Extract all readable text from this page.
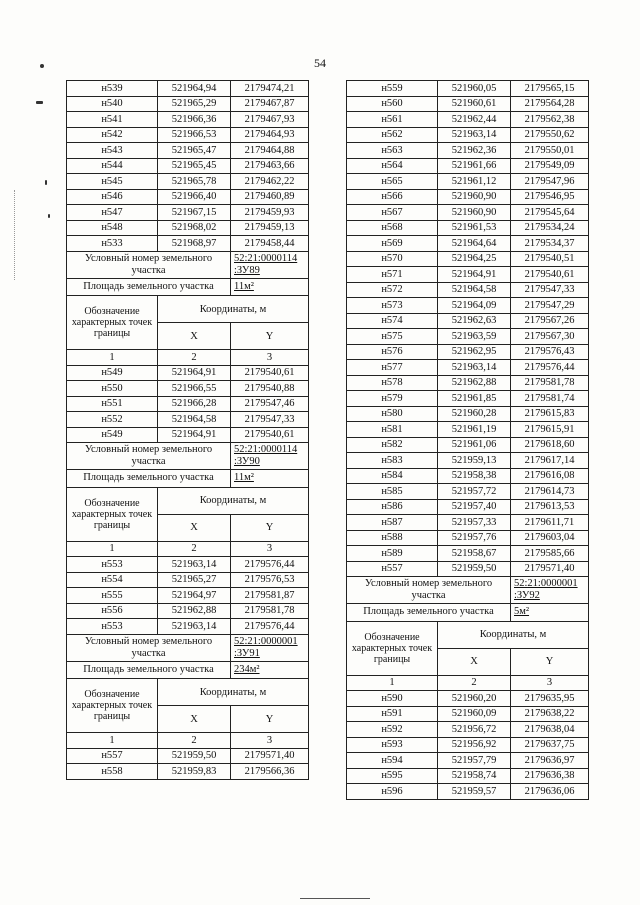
54
н539	521964,94	2179474,21
н540	521965,29	2179467,87
н541	521966,36	2179467,93
н542	521966,53	2179464,93
н543	521965,47	2179464,88
н544	521965,45	2179463,66
н545	521965,78	2179462,22
н546	521966,40	2179460,89
н547	521967,15	2179459,93
н548	521968,02	2179459,13
н533	521968,97	2179458,44
Условный номер земельного участка		52:21:0000114 :ЗУ89
Площадь земельного участка		11м²
Обозначение характерных точек границы	Координаты, м	
	X	Y
1	2	3
н549	521964,91	2179540,61
н550	521966,55	2179540,88
н551	521966,28	2179547,46
н552	521964,58	2179547,33
н549	521964,91	2179540,61
Условный номер земельного участка		52:21:0000114 :ЗУ90
Площадь земельного участка		11м²
Обозначение характерных точек границы	Координаты, м	
	X	Y
1	2	3
н553	521963,14	2179576,44
н554	521965,27	2179576,53
н555	521964,97	2179581,87
н556	521962,88	2179581,78
н553	521963,14	2179576,44
Условный номер земельного участка		52:21:0000001 :ЗУ91
Площадь земельного участка		234м²
Обозначение характерных точек границы	Координаты, м	
	X	Y
1	2	3
н557	521959,50	2179571,40
н558	521959,83	2179566,36
н559	521960,05	2179565,15
н560	521960,61	2179564,28
н561	521962,44	2179562,38
н562	521963,14	2179550,62
н563	521962,36	2179550,01
н564	521961,66	2179549,09
н565	521961,12	2179547,96
н566	521960,90	2179546,95
н567	521960,90	2179545,64
н568	521961,53	2179534,24
н569	521964,64	2179534,37
н570	521964,25	2179540,51
н571	521964,91	2179540,61
н572	521964,58	2179547,33
н573	521964,09	2179547,29
н574	521962,63	2179567,26
н575	521963,59	2179567,30
н576	521962,95	2179576,43
н577	521963,14	2179576,44
н578	521962,88	2179581,78
н579	521961,85	2179581,74
н580	521960,28	2179615,83
н581	521961,19	2179615,91
н582	521961,06	2179618,60
н583	521959,13	2179617,14
н584	521958,38	2179616,08
н585	521957,72	2179614,73
н586	521957,40	2179613,53
н587	521957,33	2179611,71
н588	521957,76	2179603,04
н589	521958,67	2179585,66
н557	521959,50	2179571,40
Условный номер земельного участка		52:21:0000001 :ЗУ92
Площадь земельного участка		5м²
Обозначение характерных точек границы	Координаты, м	
	X	Y
1	2	3
н590	521960,20	2179635,95
н591	521960,09	2179638,22
н592	521956,72	2179638,04
н593	521956,92	2179637,75
н594	521957,79	2179636,97
н595	521958,74	2179636,38
н596	521959,57	2179636,06
